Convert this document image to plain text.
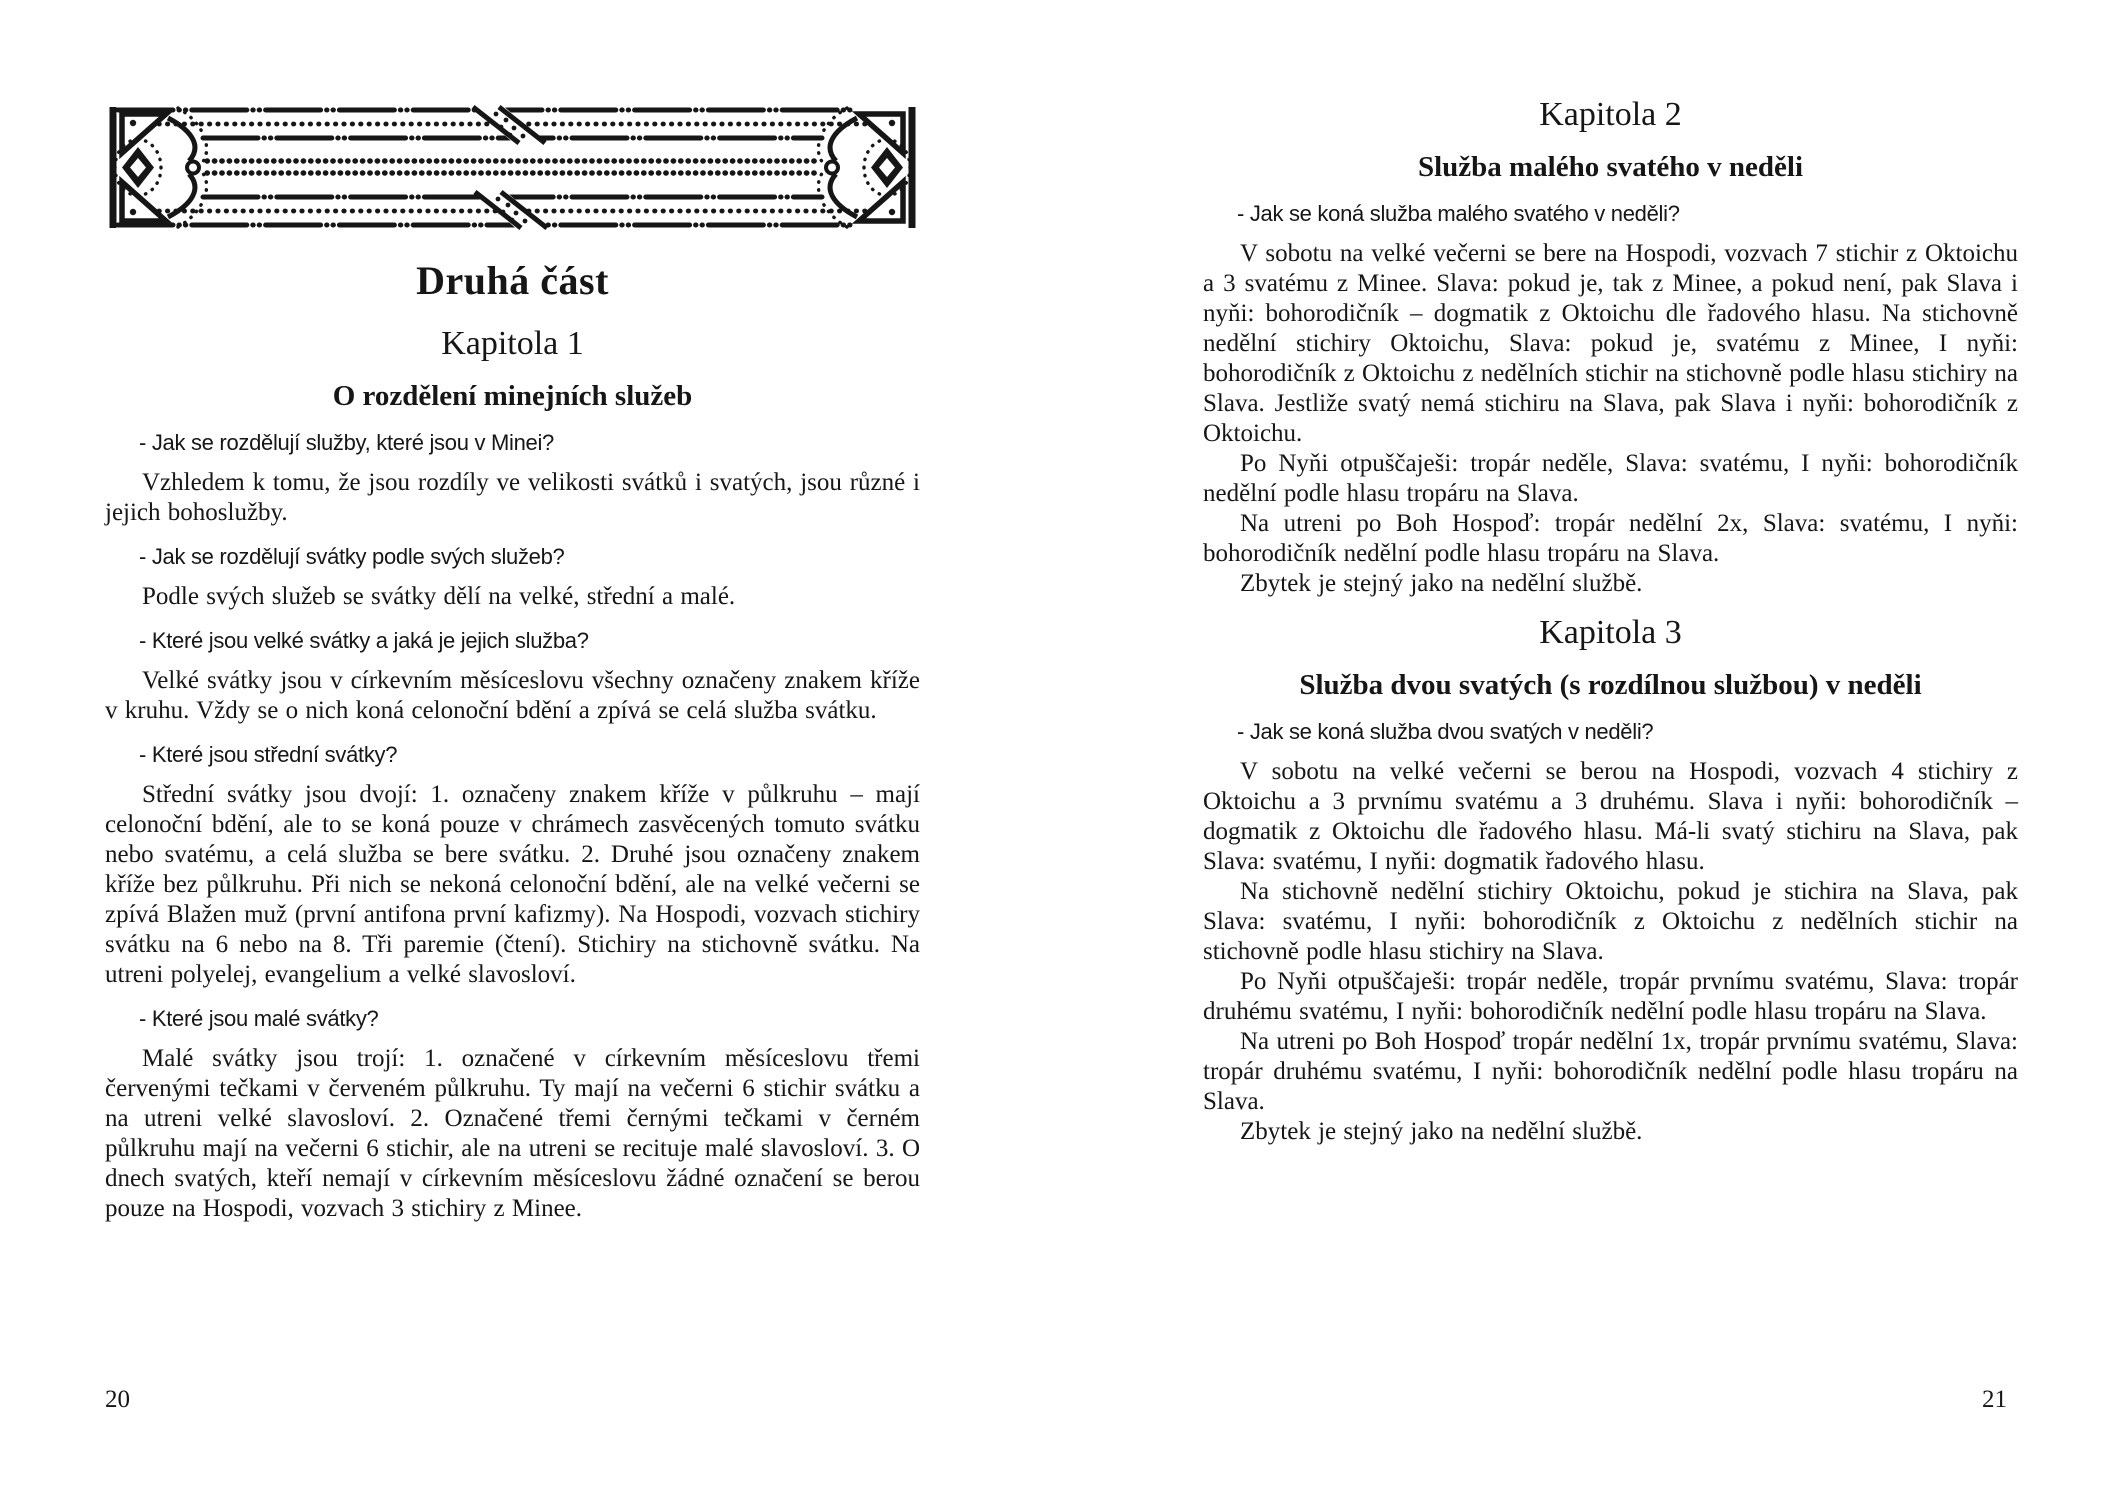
Druhá část
Kapitola 1
O rozdělení minejních služeb

- Jak se rozdělují služby, které jsou v Minei?

Vzhledem k tomu, že jsou rozdíly ve velikosti svátků i svatých, jsou různé i jejich bohoslužby.

- Jak se rozdělují svátky podle svých služeb?

Podle svých služeb se svátky dělí na velké, střední a malé.

- Které jsou velké svátky a jaká je jejich služba?

Velké svátky jsou v církevním měsíceslovu všechny označeny znakem kříže v kruhu. Vždy se o nich koná celonoční bdění a zpívá se celá služba svátku.

- Které jsou střední svátky?

Střední svátky jsou dvojí: 1. označeny znakem kříže v půlkruhu – mají celonoční bdění, ale to se koná pouze v chrámech zasvěcených tomuto svátku nebo svatému, a celá služba se bere svátku. 2. Druhé jsou označeny znakem kříže bez půlkruhu. Při nich se nekoná celonoční bdění, ale na velké večerni se zpívá Blažen muž (první antifona první kafizmy). Na Hospodi, vozvach stichiry svátku na 6 nebo na 8. Tři paremie (čtení). Stichiry na stichovně svátku. Na utreni polyelej, evangelium a velké slavosloví.

- Které jsou malé svátky?

Malé svátky jsou trojí: 1. označené v církevním měsíceslovu třemi červenými tečkami v červeném půlkruhu. Ty mají na večerni 6 stichir svátku a na utreni velké slavosloví. 2. Označené třemi černými tečkami v černém půlkruhu mají na večerni 6 stichir, ale na utreni se recituje malé slavosloví. 3. O dnech svatých, kteří nemají v církevním měsíceslovu žádné označení se berou pouze na Hospodi, vozvach 3 stichiry z Minee.

Kapitola 2
Služba malého svatého v neděli

- Jak se koná služba malého svatého v neděli?

V sobotu na velké večerni se bere na Hospodi, vozvach 7 stichir z Oktoichu a 3 svatému z Minee. Slava: pokud je, tak z Minee, a pokud není, pak Slava i nyňi: bohorodičník – dogmatik z Oktoichu dle řadového hlasu. Na stichovně nedělní stichiry Oktoichu, Slava: pokud je, svatému z Minee, I nyňi: bohorodičník z Oktoichu z nedělních stichir na stichovně podle hlasu stichiry na Slava. Jestliže svatý nemá stichiru na Slava, pak Slava i nyňi: bohorodičník z Oktoichu.

Po Nyňi otpuščaješi: tropár neděle, Slava: svatému, I nyňi: bohorodičník nedělní podle hlasu tropáru na Slava.

Na utreni po Boh Hospoď: tropár nedělní 2x, Slava: svatému, I nyňi: bohorodičník nedělní podle hlasu tropáru na Slava.

Zbytek je stejný jako na nedělní službě.

Kapitola 3
Služba dvou svatých (s rozdílnou službou) v neděli

- Jak se koná služba dvou svatých v neděli?

V sobotu na velké večerni se berou na Hospodi, vozvach 4 stichiry z Oktoichu a 3 prvnímu svatému a 3 druhému. Slava i nyňi: bohorodičník – dogmatik z Oktoichu dle řadového hlasu. Má-li svatý stichiru na Slava, pak Slava: svatému, I nyňi: dogmatik řadového hlasu.

Na stichovně nedělní stichiry Oktoichu, pokud je stichira na Slava, pak Slava: svatému, I nyňi: bohorodičník z Oktoichu z nedělních stichir na stichovně podle hlasu stichiry na Slava.

Po Nyňi otpuščaješi: tropár neděle, tropár prvnímu svatému, Slava: tropár druhému svatému, I nyňi: bohorodičník nedělní podle hlasu tropáru na Slava.

Na utreni po Boh Hospoď tropár nedělní 1x, tropár prvnímu svatému, Slava: tropár druhému svatému, I nyňi: bohorodičník nedělní podle hlasu tropáru na Slava.

Zbytek je stejný jako na nedělní službě.

20	21
